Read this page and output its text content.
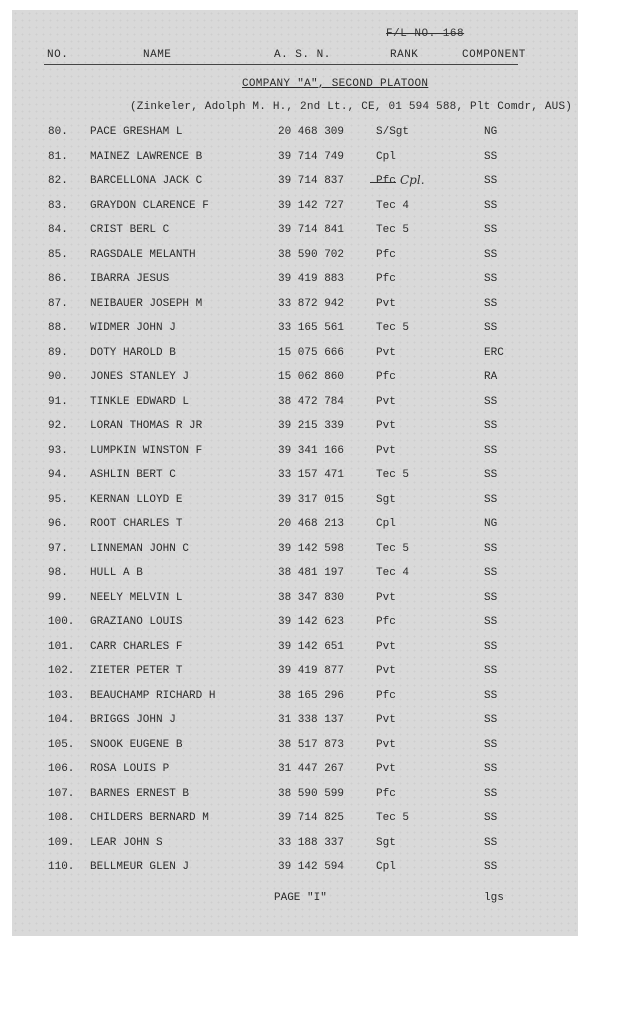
F/L NO. 168
NO.	NAME	A. S. N.	RANK	COMPONENT
COMPANY "A", SECOND PLATOON
(Zinkeler, Adolph M. H., 2nd Lt., CE, 01 594 588, Plt Comdr, AUS)
80. PACE GRESHAM L	20 468 309	S/Sgt	NG
81. MAINEZ LAWRENCE B	39 714 749	Cpl	SS
82. BARCELLONA JACK C	39 714 837	Pfc	SS
83. GRAYDON CLARENCE F	39 142 727	Tec 4	SS
84. CRIST BERL C	39 714 841	Tec 5	SS
85. RAGSDALE MELANTH	38 590 702	Pfc	SS
86. IBARRA JESUS	39 419 883	Pfc	SS
87. NEIBAUER JOSEPH M	33 872 942	Pvt	SS
88. WIDMER JOHN J	33 165 561	Tec 5	SS
89. DOTY HAROLD B	15 075 666	Pvt	ERC
90. JONES STANLEY J	15 062 860	Pfc	RA
91. TINKLE EDWARD L	38 472 784	Pvt	SS
92. LORAN THOMAS R JR	39 215 339	Pvt	SS
93. LUMPKIN WINSTON F	39 341 166	Pvt	SS
94. ASHLIN BERT C	33 157 471	Tec 5	SS
95. KERNAN LLOYD E	39 317 015	Sgt	SS
96. ROOT CHARLES T	20 468 213	Cpl	NG
97. LINNEMAN JOHN C	39 142 598	Tec 5	SS
98. HULL A B	38 481 197	Tec 4	SS
99. NEELY MELVIN L	38 347 830	Pvt	SS
100. GRAZIANO LOUIS	39 142 623	Pfc	SS
101. CARR CHARLES F	39 142 651	Pvt	SS
102. ZIETER PETER T	39 419 877	Pvt	SS
103. BEAUCHAMP RICHARD H	38 165 296	Pfc	SS
104. BRIGGS JOHN J	31 338 137	Pvt	SS
105. SNOOK EUGENE B	38 517 873	Pvt	SS
106. ROSA LOUIS P	31 447 267	Pvt	SS
107. BARNES ERNEST B	38 590 599	Pfc	SS
108. CHILDERS BERNARD M	39 714 825	Tec 5	SS
109. LEAR JOHN S	33 188 337	Sgt	SS
110. BELLMEUR GLEN J	39 142 594	Cpl	SS
Cpl.
PAGE "I"	lgs
